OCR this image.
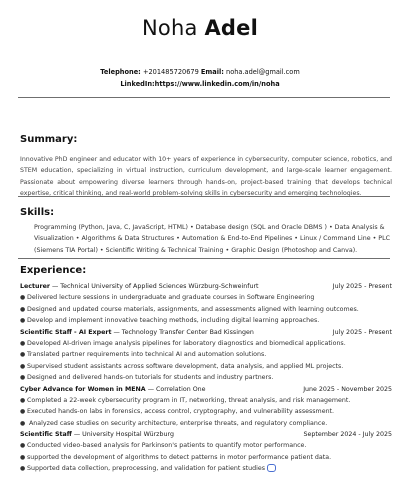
Noha Adel
Telephone: +201485720679 Email: noha.adel@gmail.com
LinkedIn:https://www.linkedin.com/in/noha
Summary:
Innovative PhD engineer and educator with 10+ years of experience in cybersecurity, computer science, robotics, and STEM education, specializing in virtual instruction, curriculum development, and large-scale learner engagement. Passionate about empowering diverse learners through hands-on, project-based training that develops technical expertise, critical thinking, and real-world problem-solving skills in cybersecurity and emerging technologies.
Skills:
Programming (Python, Java, C, JavaScript, HTML) • Database design (SQL and Oracle DBMS ) • Data Analysis & Visualization • Algorithms & Data Structures • Automation & End-to-End Pipelines • Linux / Command Line • PLC (Siemens TIA Portal) • Scientific Writing & Technical Training • Graphic Design (Photoshop and Canva).
Experience:
Lecturer — Technical University of Applied Sciences Würzburg-Schweinfurt	July 2025 - Present
● Delivered lecture sessions in undergraduate and graduate courses in Software Engineering
● Designed and updated course materials, assignments, and assessments aligned with learning outcomes.
● Develop and implement innovative teaching methods, including digital learning approaches.
Scientific Staff - AI Expert — Technology Transfer Center Bad Kissingen	July 2025 - Present
● Developed AI-driven image analysis pipelines for laboratory diagnostics and biomedical applications.
● Translated partner requirements into technical AI and automation solutions.
● Supervised student assistants across software development, data analysis, and applied ML projects.
● Designed and delivered hands-on tutorials for students and industry partners.
Cyber Advance for Women in MENA — Correlation One	June 2025 - November 2025
● Completed a 22-week cybersecurity program in IT, networking, threat analysis, and risk management.
● Executed hands-on labs in forensics, access control, cryptography, and vulnerability assessment.
● Analyzed case studies on security architecture, enterprise threats, and regulatory compliance.
Scientific Staff — University Hospital Würzburg	September 2024 - July 2025
● Conducted video-based analysis for Parkinson's patients to quantify motor performance.
● supported the development of algorithms to detect patterns in motor performance patient data.
● Supported data collection, preprocessing, and validation for patient studies
